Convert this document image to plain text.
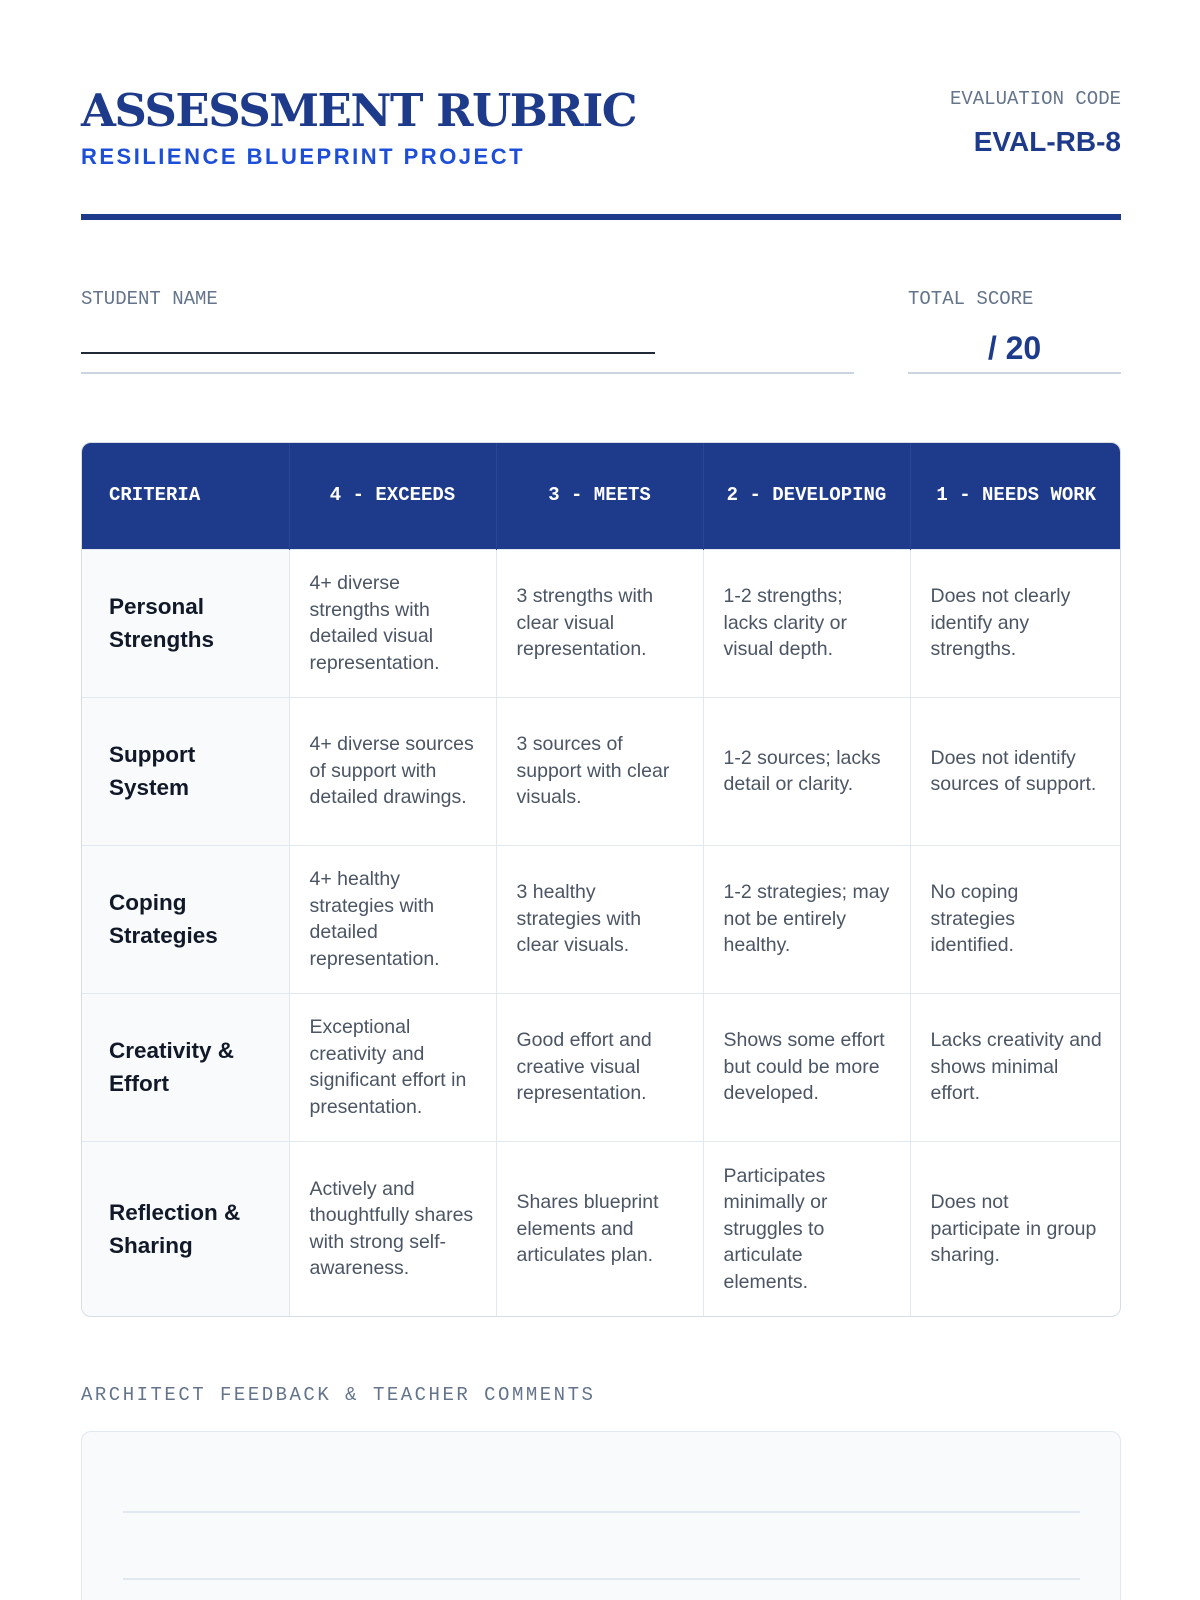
ASSESSMENT RUBRIC
RESILIENCE BLUEPRINT PROJECT
EVALUATION CODE
EVAL-RB-8
STUDENT NAME	TOTAL SCORE
/ 20
CRITERIA	4 - EXCEEDS	3 - MEETS	2 - DEVELOPING	1 - NEEDS WORK
Personal Strengths	4+ diverse strengths with detailed visual representation.	3 strengths with clear visual representation.	1-2 strengths; lacks clarity or visual depth.	Does not clearly identify any strengths.
Support System	4+ diverse sources of support with detailed drawings.	3 sources of support with clear visuals.	1-2 sources; lacks detail or clarity.	Does not identify sources of support.
Coping Strategies	4+ healthy strategies with detailed representation.	3 healthy strategies with clear visuals.	1-2 strategies; may not be entirely healthy.	No coping strategies identified.
Creativity & Effort	Exceptional creativity and significant effort in presentation.	Good effort and creative visual representation.	Shows some effort but could be more developed.	Lacks creativity and shows minimal effort.
Reflection & Sharing	Actively and thoughtfully shares with strong self-awareness.	Shares blueprint elements and articulates plan.	Participates minimally or struggles to articulate elements.	Does not participate in group sharing.
ARCHITECT FEEDBACK & TEACHER COMMENTS
